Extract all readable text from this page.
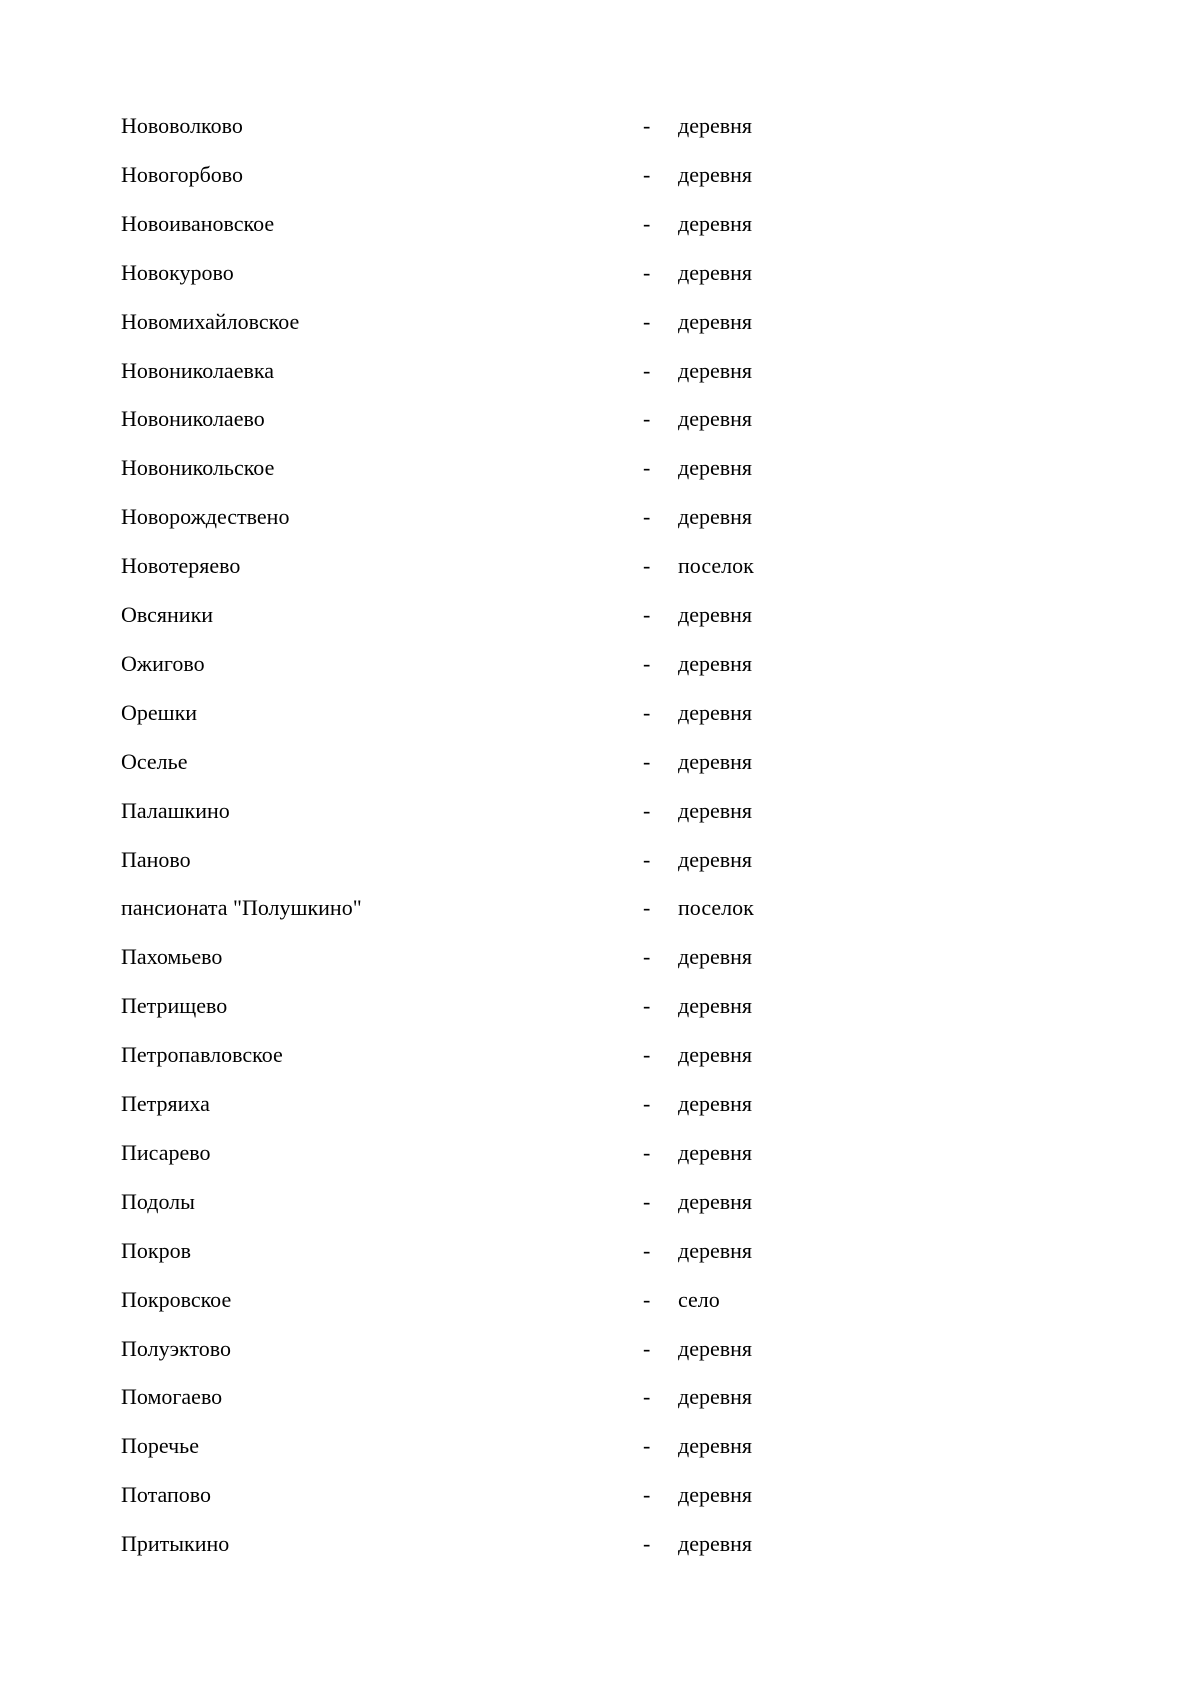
Нововолково	- деревня
Новогорбово	- деревня
Новоивановское	- деревня
Новокурово	- деревня
Новомихайловское	- деревня
Новониколаевка	- деревня
Новониколаево	- деревня
Новоникольское	- деревня
Новорождествено	- деревня
Новотеряево	- поселок
Овсяники	- деревня
Ожигово	- деревня
Орешки	- деревня
Оселье	- деревня
Палашкино	- деревня
Паново	- деревня
пансионата "Полушкино"	- поселок
Пахомьево	- деревня
Петрищево	- деревня
Петропавловское	- деревня
Петряиха	- деревня
Писарево	- деревня
Подолы	- деревня
Покров	- деревня
Покровское	- село
Полуэктово	- деревня
Помогаево	- деревня
Поречье	- деревня
Потапово	- деревня
Притыкино	- деревня
